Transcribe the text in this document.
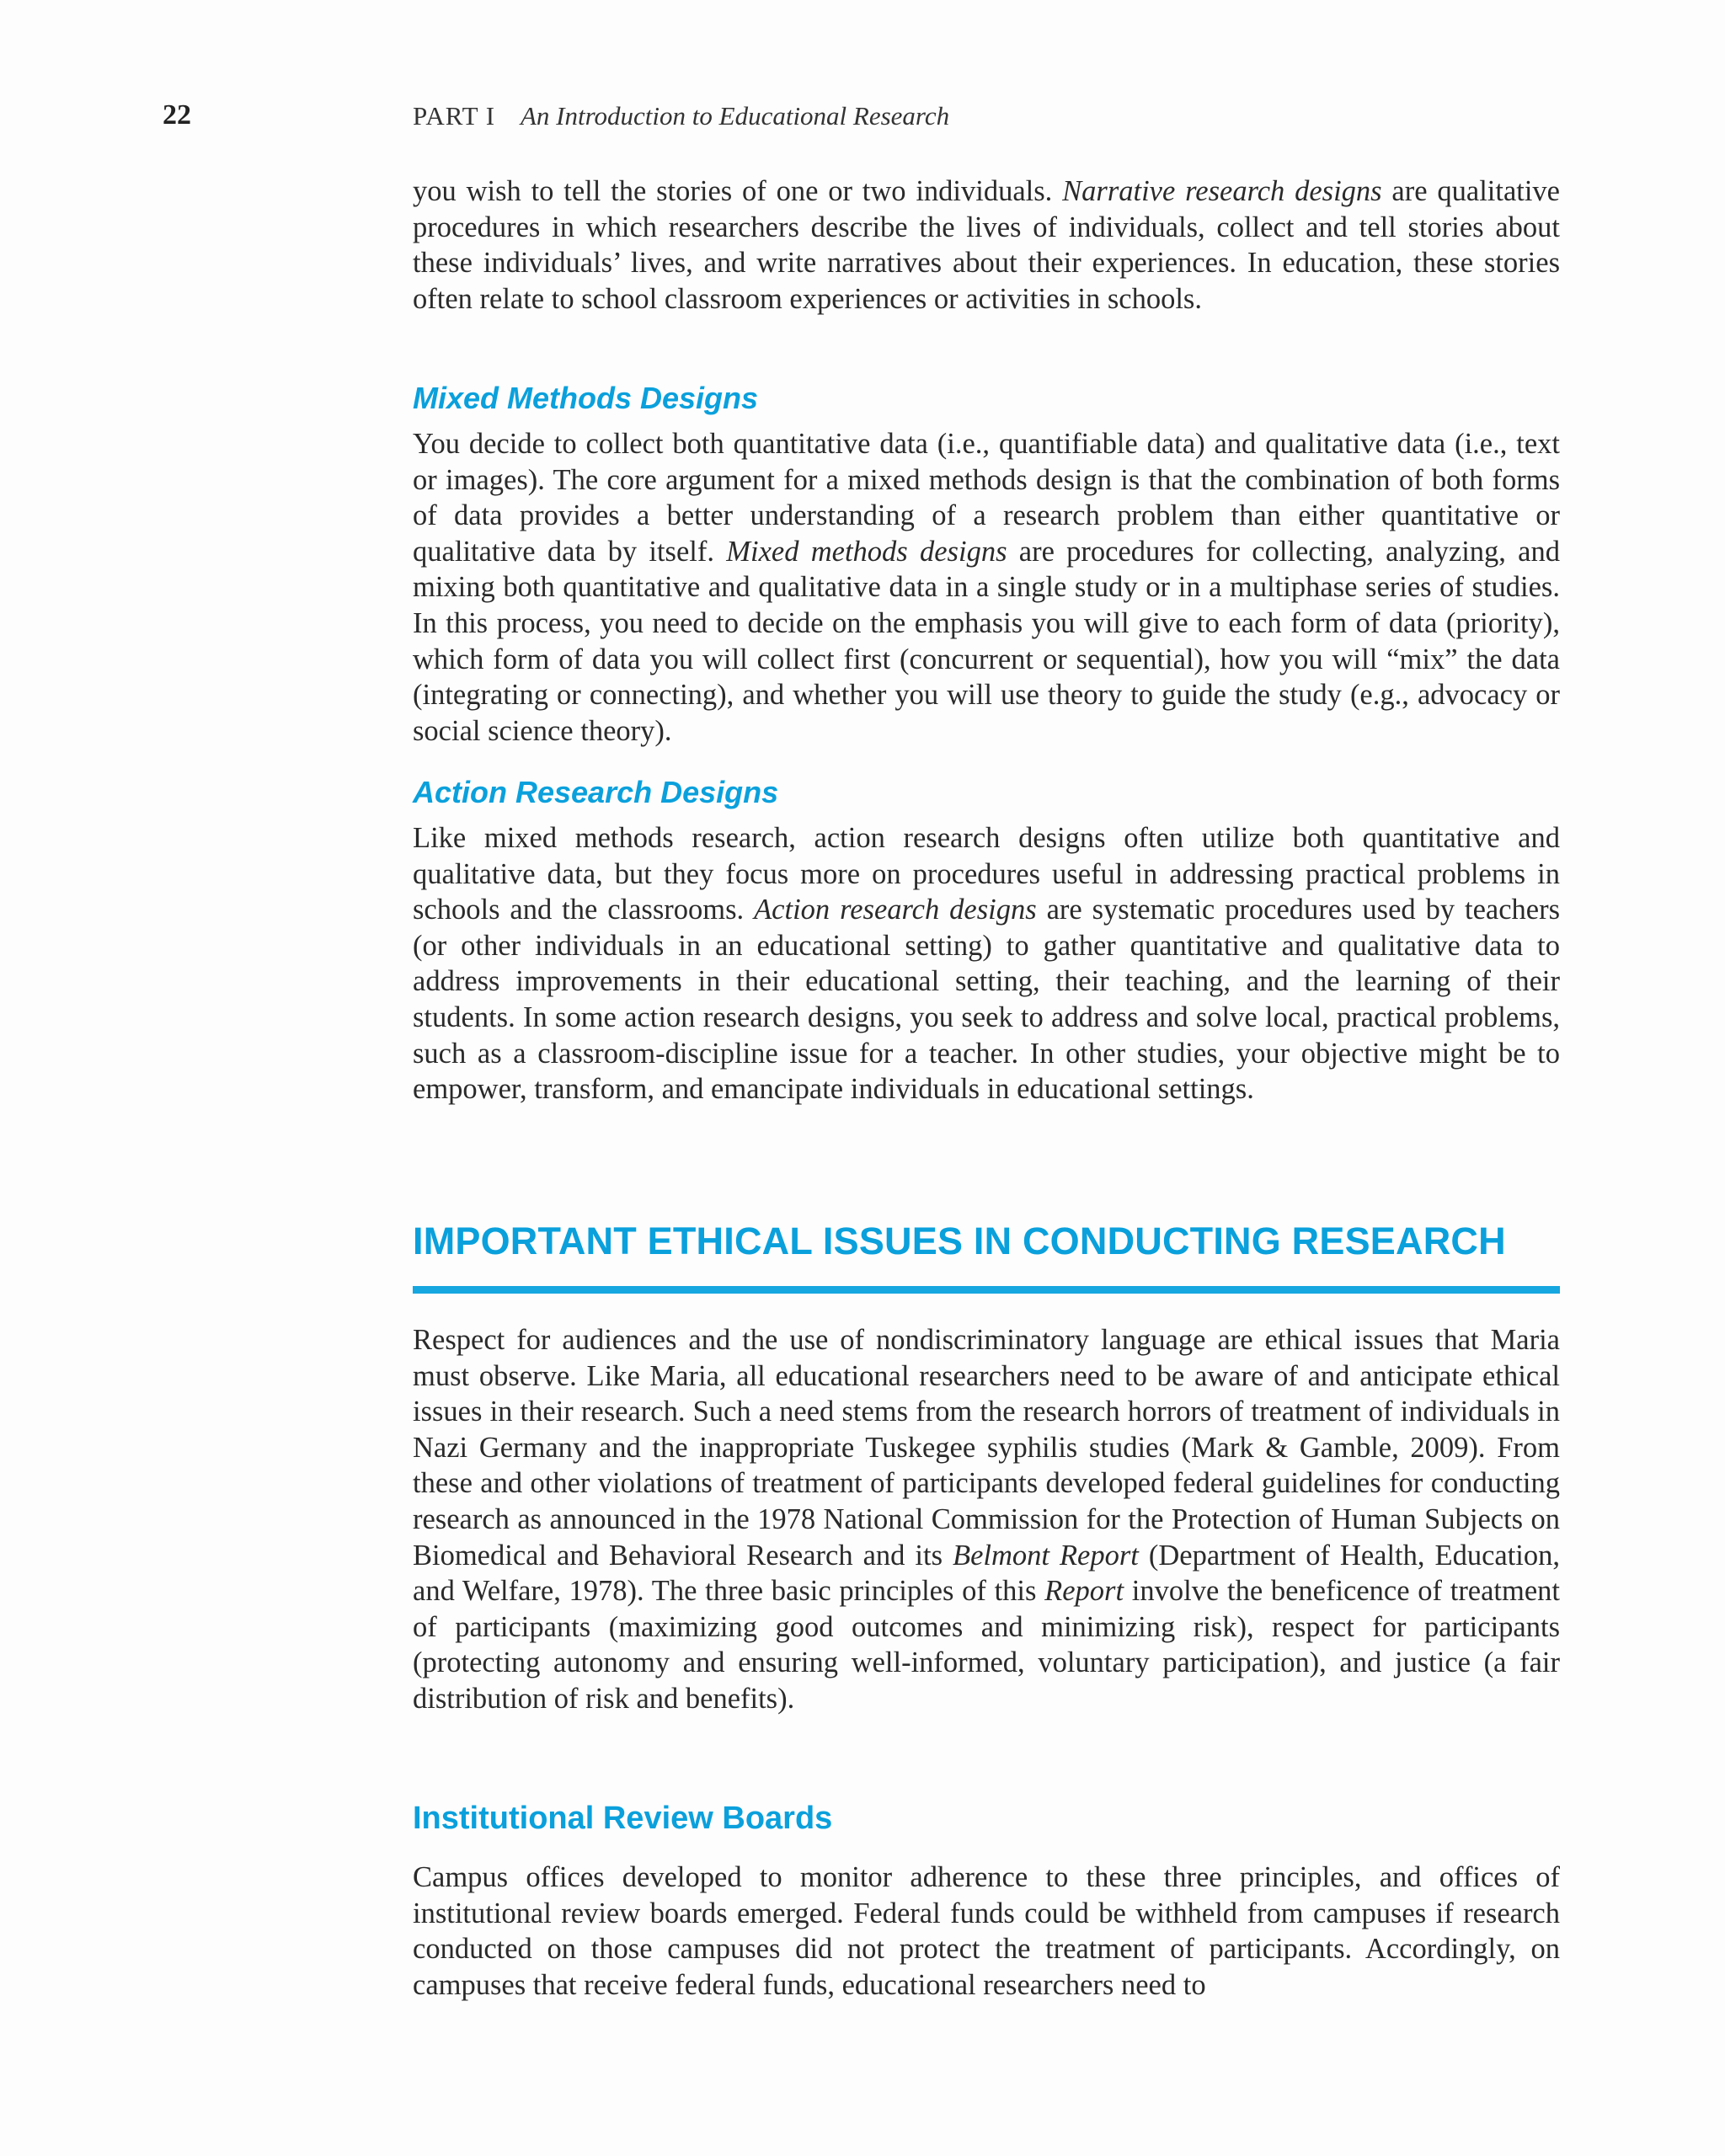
22	PART I An Introduction to Educational Research

you wish to tell the stories of one or two individuals. Narrative research designs are qualitative procedures in which researchers describe the lives of individuals, collect and tell stories about these individuals’ lives, and write narratives about their experiences. In education, these stories often relate to school classroom experiences or activities in schools.

Mixed Methods Designs

You decide to collect both quantitative data (i.e., quantifiable data) and qualitative data (i.e., text or images). The core argument for a mixed methods design is that the combination of both forms of data provides a better understanding of a research problem than either quantitative or qualitative data by itself. Mixed methods designs are procedures for collecting, analyzing, and mixing both quantitative and qualitative data in a single study or in a multiphase series of studies. In this process, you need to decide on the emphasis you will give to each form of data (priority), which form of data you will collect first (concurrent or sequential), how you will “mix” the data (integrating or connecting), and whether you will use theory to guide the study (e.g., advocacy or social science theory).

Action Research Designs

Like mixed methods research, action research designs often utilize both quantitative and qualitative data, but they focus more on procedures useful in addressing practical problems in schools and the classrooms. Action research designs are systematic procedures used by teachers (or other individuals in an educational setting) to gather quantitative and qualitative data to address improvements in their educational setting, their teaching, and the learning of their students. In some action research designs, you seek to address and solve local, practical problems, such as a classroom-discipline issue for a teacher. In other studies, your objective might be to empower, transform, and emancipate individuals in educational settings.

IMPORTANT ETHICAL ISSUES IN CONDUCTING RESEARCH

Respect for audiences and the use of nondiscriminatory language are ethical issues that Maria must observe. Like Maria, all educational researchers need to be aware of and anticipate ethical issues in their research. Such a need stems from the research horrors of treatment of individuals in Nazi Germany and the inappropriate Tuskegee syphilis studies (Mark & Gamble, 2009). From these and other violations of treatment of participants developed federal guidelines for conducting research as announced in the 1978 National Commission for the Protection of Human Subjects on Biomedical and Behavioral Research and its Belmont Report (Department of Health, Education, and Welfare, 1978). The three basic principles of this Report involve the beneficence of treatment of participants (maximizing good outcomes and minimizing risk), respect for participants (protecting autonomy and ensuring well-informed, voluntary participation), and justice (a fair distribution of risk and benefits).

Institutional Review Boards

Campus offices developed to monitor adherence to these three principles, and offices of institutional review boards emerged. Federal funds could be withheld from campuses if research conducted on those campuses did not protect the treatment of participants. Accordingly, on campuses that receive federal funds, educational researchers need to
